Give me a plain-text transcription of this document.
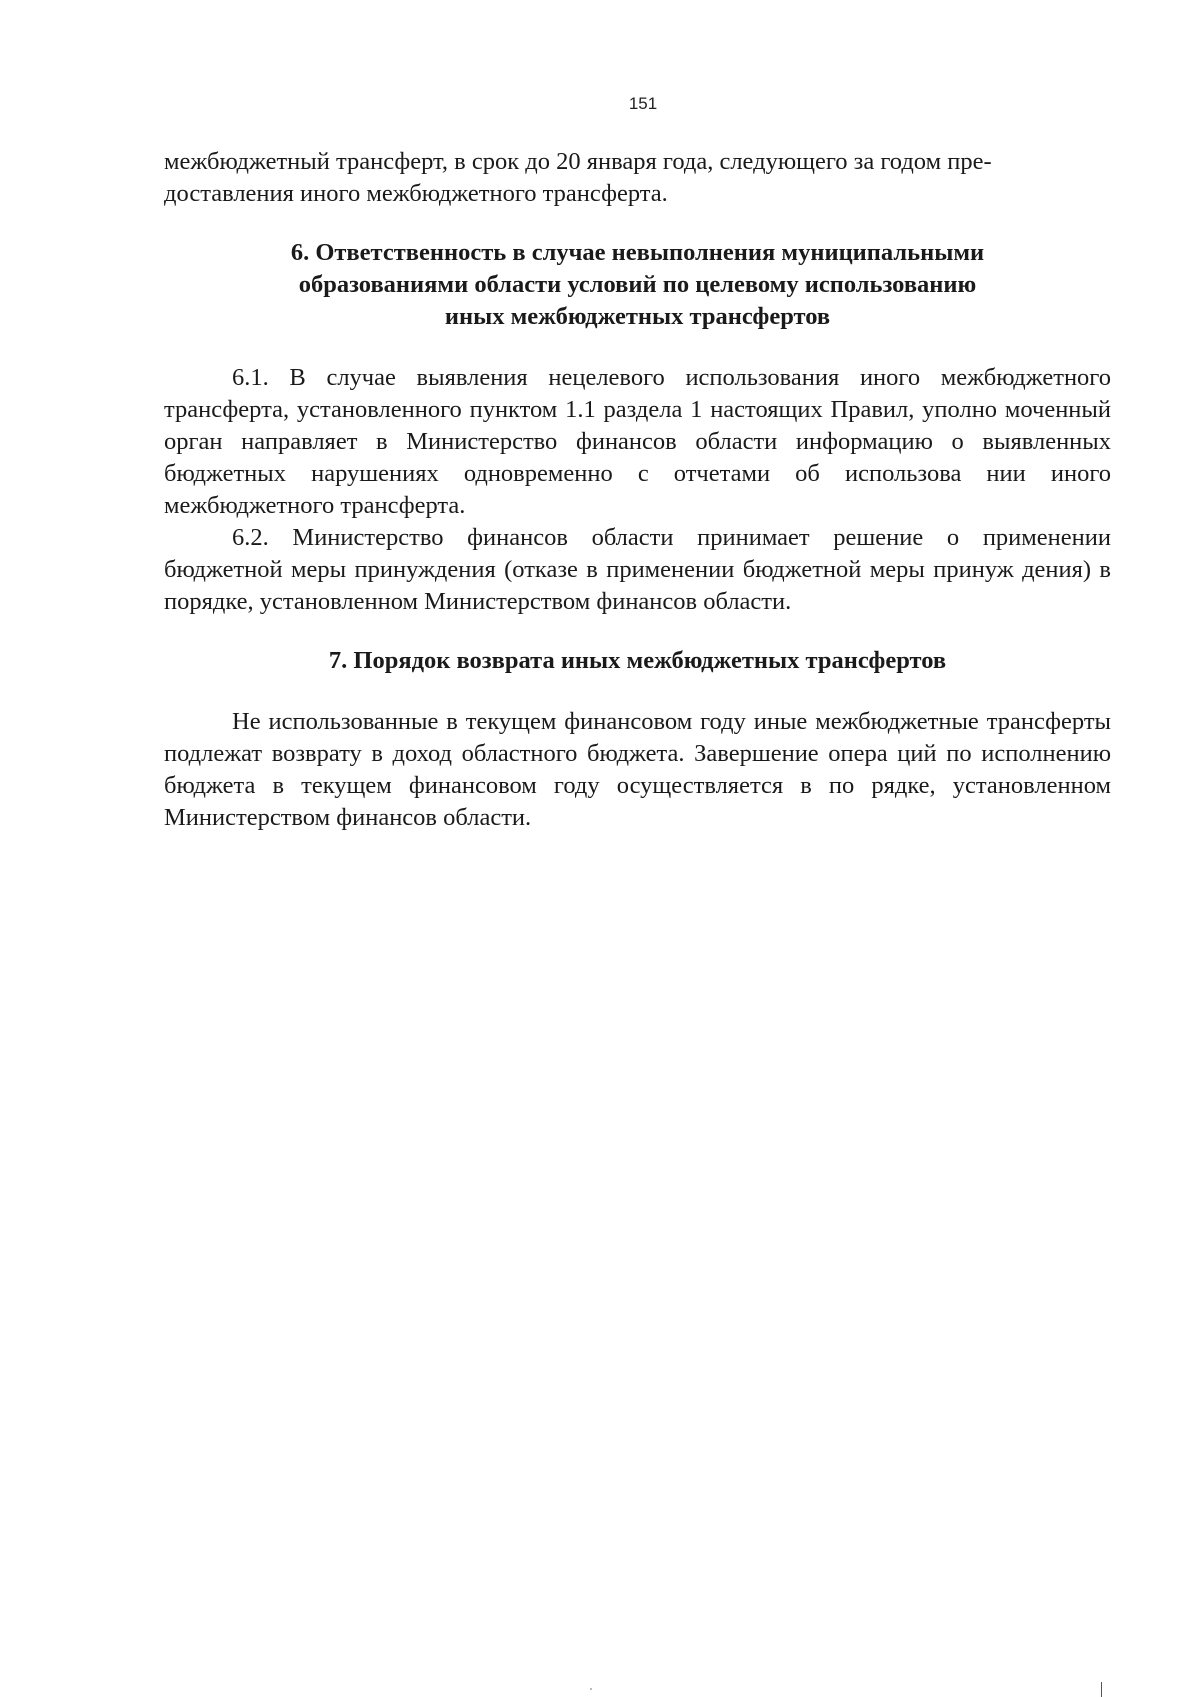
151

межбюджетный трансферт, в срок до 20 января года, следующего за годом пре-
доставления иного межбюджетного трансферта.

6. Ответственность в случае невыполнения муниципальными
образованиями области условий по целевому использованию
иных межбюджетных трансфертов

6.1. В случае выявления нецелевого использования иного межбюджетного трансферта, установленного пунктом 1.1 раздела 1 настоящих Правил, уполно моченный орган направляет в Министерство финансов области информацию о выявленных бюджетных нарушениях одновременно с отчетами об использова нии иного межбюджетного трансферта.

6.2. Министерство финансов области принимает решение о применении бюджетной меры принуждения (отказе в применении бюджетной меры принуж дения) в порядке, установленном Министерством финансов области.

7. Порядок возврата иных межбюджетных трансфертов

Не использованные в текущем финансовом году иные межбюджетные трансферты подлежат возврату в доход областного бюджета. Завершение опера ций по исполнению бюджета в текущем финансовом году осуществляется в по рядке, установленном Министерством финансов области.
